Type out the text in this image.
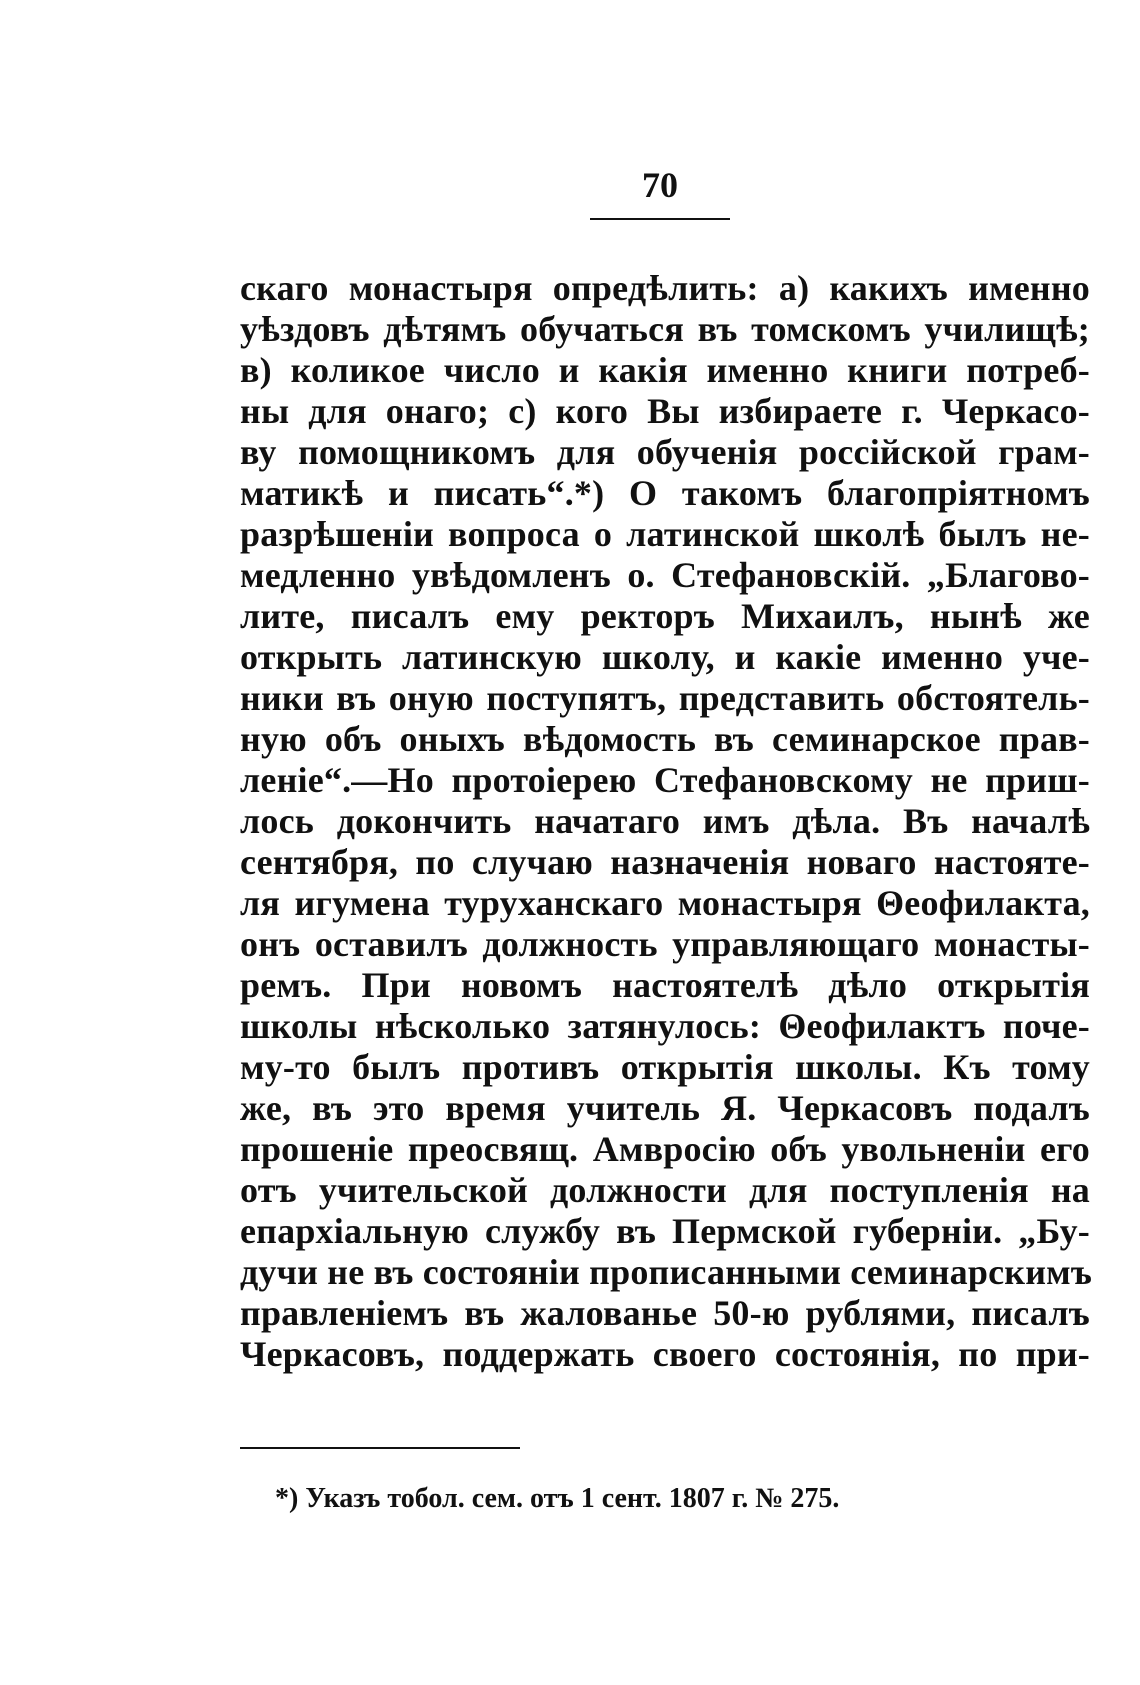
70
скаго монастыря опредѣлить: а) какихъ именно
уѣздовъ дѣтямъ обучаться въ томскомъ училищѣ;
в) коликое число и какія именно книги потреб-
ны для онаго; с) кого Вы избираете г. Черкасо-
ву помощникомъ для обученія россійской грам-
матикѣ и писать“.*) О такомъ благопріятномъ
разрѣшеніи вопроса о латинской школѣ былъ не-
медленно увѣдомленъ о. Стефановскій. „Благово-
лите, писалъ ему ректоръ Михаилъ, нынѣ же
открыть латинскую школу, и какіе именно уче-
ники въ оную поступятъ, представить обстоятель-
ную объ оныхъ вѣдомость въ семинарское прав-
леніе“.—Но протоіерею Стефановскому не приш-
лось докончить начатаго имъ дѣла. Въ началѣ
сентября, по случаю назначенія новаго настояте-
ля игумена туруханскаго монастыря Θеофилакта,
онъ оставилъ должность управляющаго монасты-
ремъ. При новомъ настоятелѣ дѣло открытія
школы нѣсколько затянулось: Θеофилактъ поче-
му-то былъ противъ открытія школы. Къ тому
же, въ это время учитель Я. Черкасовъ подалъ
прошеніе преосвящ. Амвросію объ увольненіи его
отъ учительской должности для поступленія на
епархіальную службу въ Пермской губерніи. „Бу-
дучи не въ состояніи прописанными семинарскимъ
правленіемъ въ жалованье 50-ю рублями, писалъ
Черкасовъ, поддержать своего состоянія, по при-
*) Указъ тобол. сем. отъ 1 сент. 1807 г. № 275.
